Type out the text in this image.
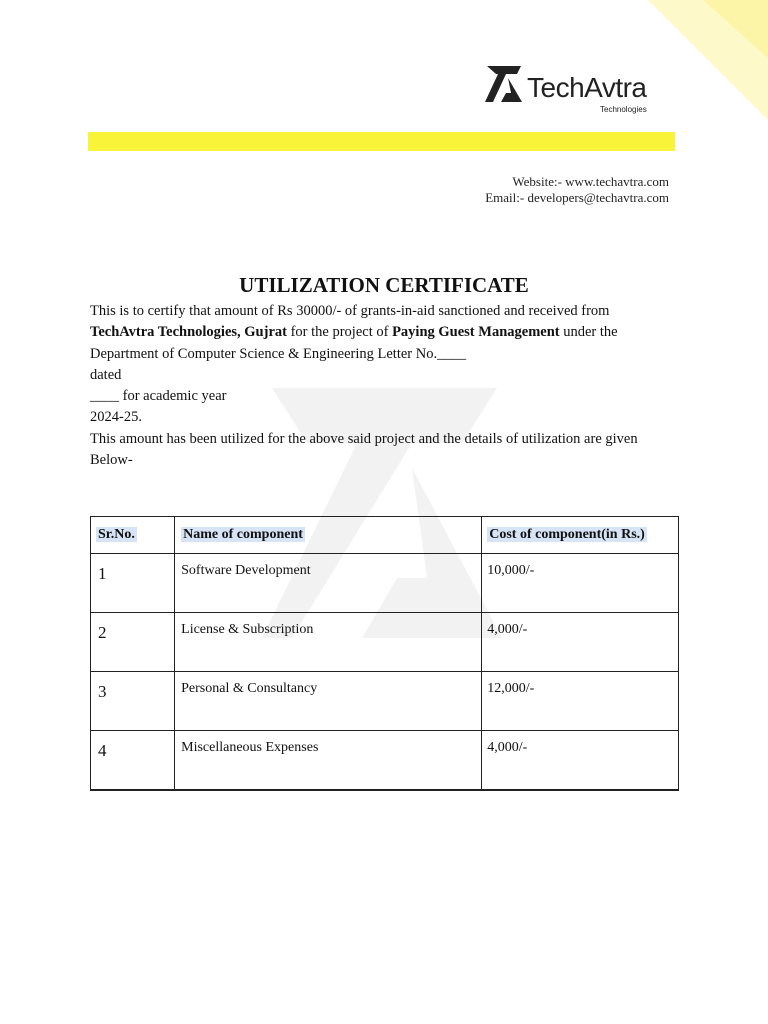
TechAvtra
Technologies
Website:- www.techavtra.com
Email:- developers@techavtra.com
UTILIZATION CERTIFICATE
This is to certify that amount of Rs 30000/- of grants-in-aid sanctioned and received from
TechAvtra Technologies, Gujrat for the project of Paying Guest Management under the
Department of Computer Science & Engineering Letter No.____
dated
____ for academic year
2024-25.
This amount has been utilized for the above said project and the details of utilization are given
Below-
Sr.No.	Name of component	Cost of component(in Rs.)

1	Software Development	10,000/-

2	License & Subscription	4,000/-

3	Personal & Consultancy	12,000/-

4	Miscellaneous Expenses	4,000/-
